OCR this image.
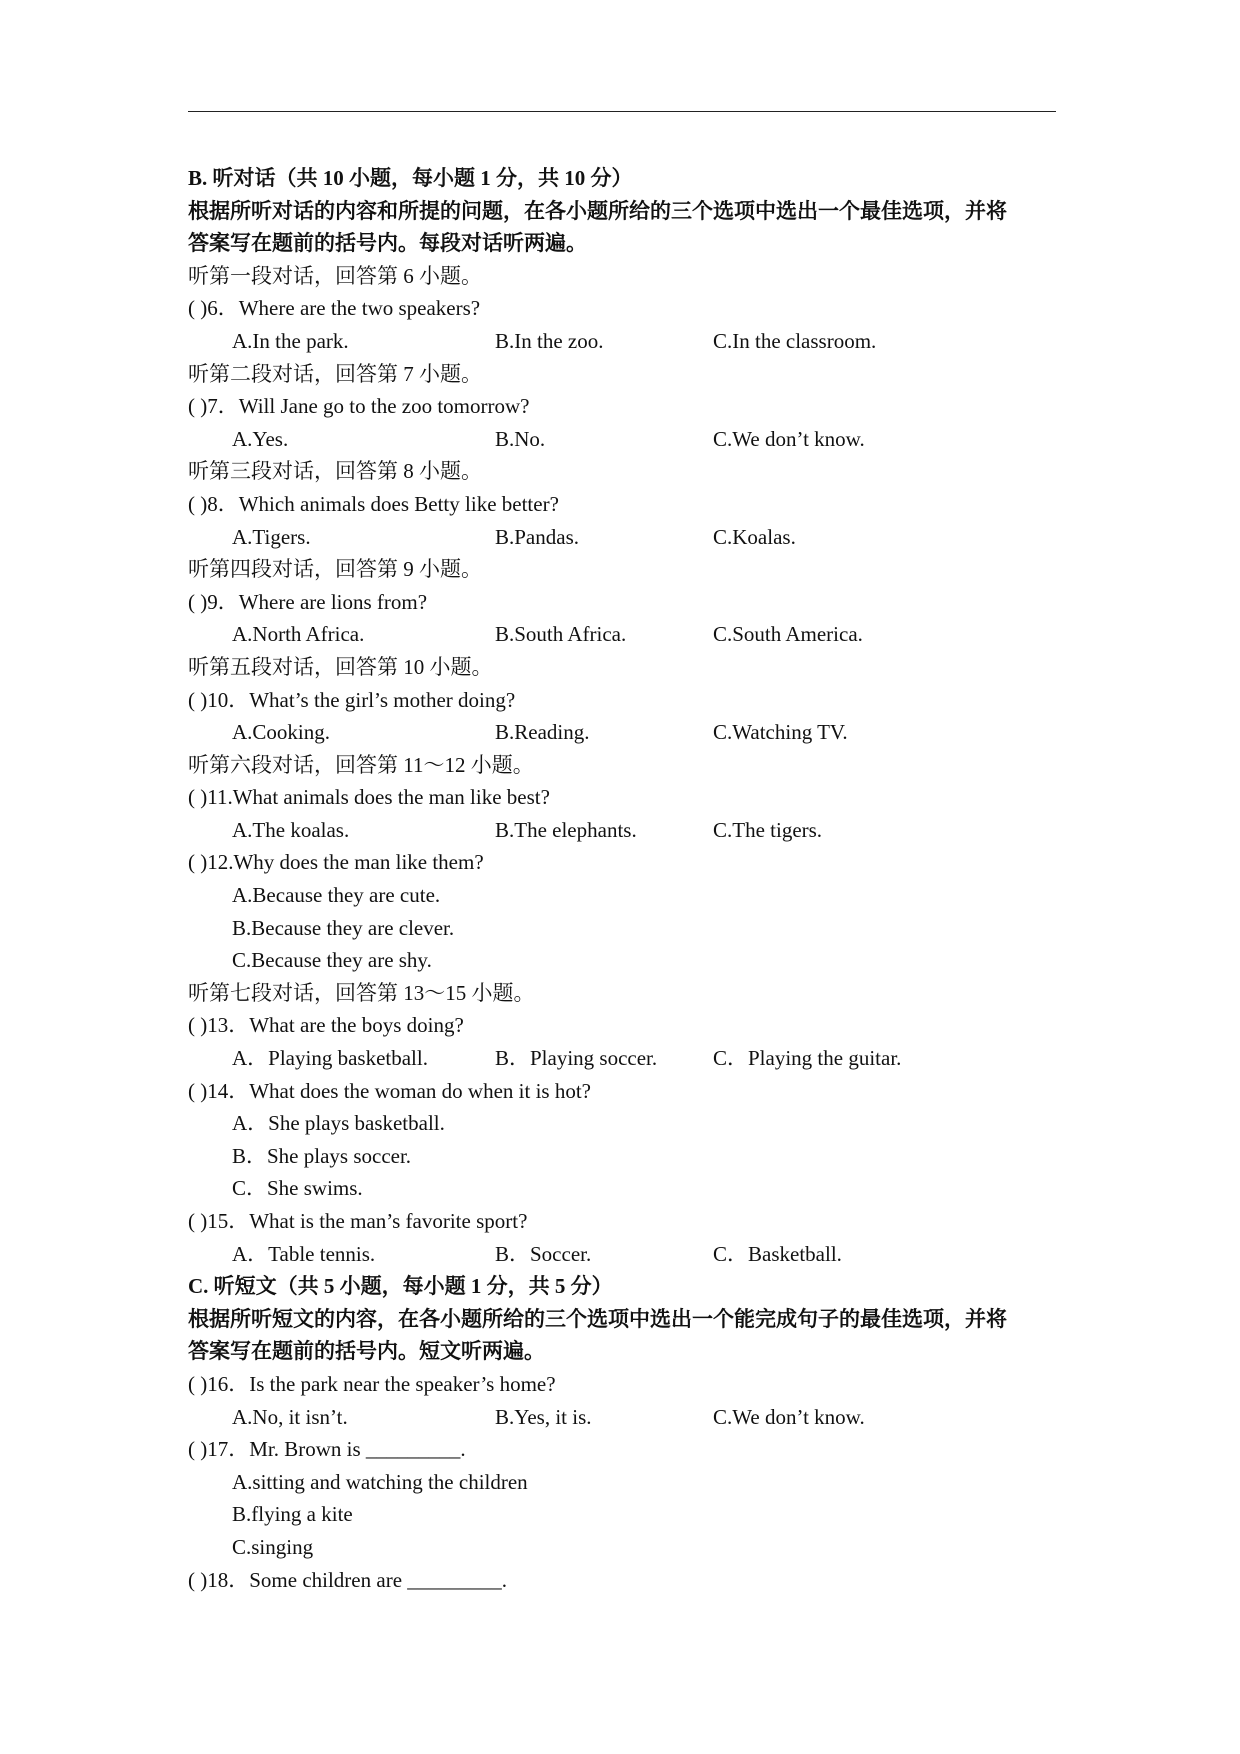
B. 听对话（共 10 小题，每小题 1 分，共 10 分）
根据所听对话的内容和所提的问题，在各小题所给的三个选项中选出一个最佳选项，并将
答案写在题前的括号内。每段对话听两遍。
听第一段对话，回答第 6 小题。
( )6．Where are the two speakers?
A.In the park.	B.In the zoo.	C.In the classroom.
听第二段对话，回答第 7 小题。
( )7．Will Jane go to the zoo tomorrow?
A.Yes.	B.No.	C.We don’t know.
听第三段对话，回答第 8 小题。
( )8．Which animals does Betty like better?
A.Tigers.	B.Pandas.	C.Koalas.
听第四段对话，回答第 9 小题。
( )9．Where are lions from?
A.North Africa.	B.South Africa.	C.South America.
听第五段对话，回答第 10 小题。
( )10．What’s the girl’s mother doing?
A.Cooking.	B.Reading.	C.Watching TV.
听第六段对话，回答第 11～12 小题。
( )11.What animals does the man like best?
A.The koalas.	B.The elephants.	C.The tigers.
( )12.Why does the man like them?
A.Because they are cute.
B.Because they are clever.
C.Because they are shy.
听第七段对话，回答第 13～15 小题。
( )13．What are the boys doing?
A．Playing basketball.	B．Playing soccer.	C．Playing the guitar.
( )14．What does the woman do when it is hot?
A．She plays basketball.
B．She plays soccer.
C．She swims.
( )15．What is the man’s favorite sport?
A．Table tennis.	B．Soccer.	C．Basketball.
C. 听短文（共 5 小题，每小题 1 分，共 5 分）
根据所听短文的内容，在各小题所给的三个选项中选出一个能完成句子的最佳选项，并将
答案写在题前的括号内。短文听两遍。
( )16．Is the park near the speaker’s home?
A.No, it isn’t.	B.Yes, it is.	C.We don’t know.
( )17．Mr. Brown is _________.
A.sitting and watching the children
B.flying a kite
C.singing
( )18．Some children are _________.
